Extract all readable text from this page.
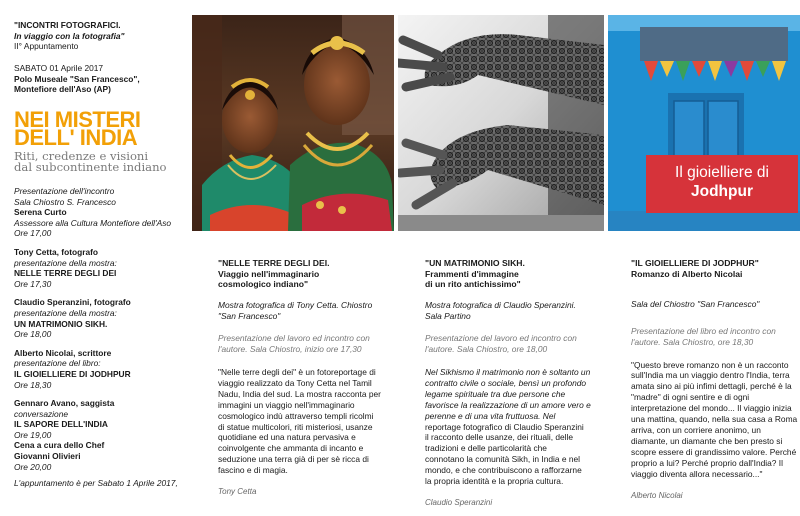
"INCONTRI FOTOGRAFICI.
In viaggio con la fotografia"
II° Appuntamento
SABATO 01 Aprile 2017
Polo Museale "San Francesco",
Montefiore dell'Aso (AP)
NEI MISTERI
DELL' INDIA
Riti, credenze e visioni
dal subcontinente indiano
Presentazione dell'incontro
Sala Chiostro S. Francesco
Serena Curto
Assessore alla Cultura Montefiore dell'Aso
Ore 17,00
Tony Cetta, fotografo
presentazione della mostra:
NELLE TERRE DEGLI DEI
Ore 17,30
Claudio Speranzini, fotografo
presentazione della mostra:
UN MATRIMONIO SIKH.
Ore 18,00
Alberto Nicolai, scrittore
presentazione del libro:
IL GIOIELLIERE DI JODHPUR
Ore 18,30
Gennaro Avano, saggista
conversazione
IL SAPORE DELL'INDIA
Ore 19,00
Cena a cura dello Chef
Giovanni Olivieri
Ore 20,00
L'appuntamento è per Sabato 1 Aprile 2017,
Il gioielliere di
Jodhpur
"NELLE TERRE DEGLI DEI.
Viaggio nell'immaginario
cosmologico indiano"
Mostra fotografica di Tony Cetta. Chiostro
"San Francesco"
Presentazione del lavoro ed incontro con
l'autore. Sala Chiostro, inizio ore 17,30
"Nelle terre degli dei" è un fotoreportage di
viaggio realizzato da Tony Cetta nel Tamil
Nadu, India del sud. La mostra racconta per
immagini un viaggio nell'immaginario
cosmologico indù attraverso templi ricolmi
di statue multicolori, riti misteriosi, usanze
quotidiane ed una natura pervasiva e
coinvolgente che ammanta di incanto e
seduzione una terra già di per sè ricca di
fascino e di magia.
Tony Cetta
"UN MATRIMONIO SIKH.
Frammenti d'immagine
di un rito antichissimo"
Mostra fotografica di Claudio Speranzini.
Sala Partino
Presentazione del lavoro ed incontro con
l'autore. Sala Chiostro, ore 18,00
Nel Sikhismo il matrimonio non è soltanto un
contratto civile o sociale, bensì un profondo
legame spirituale tra due persone che
favorisce la realizzazione di un amore vero e
perenne e di una vita fruttuosa. Nel
reportage fotografico di Claudio Speranzini
il racconto delle usanze, dei rituali, delle
tradizioni e delle particolarità che
connotano la comunità Sikh, in India e nel
mondo, e che contribuiscono a rafforzarne
la propria identità e la propria cultura.
Claudio Speranzini
"IL GIOIELLIERE DI JODPHUR"
Romanzo di Alberto Nicolai
Sala del Chiostro "San Francesco"
Presentazione del libro ed incontro con
l'autore. Sala Chiostro, ore 18,30
"Questo breve romanzo non è un racconto
sull'India ma un viaggio dentro l'India, terra
amata sino ai più infimi dettagli, perché è la
"madre" di ogni sentire e di ogni
interpretazione del mondo... Il viaggio inizia
una mattina, quando, nella sua casa a Roma
arriva, con un corriere anonimo, un
diamante, un diamante che ben presto si
scopre essere di grandissimo valore. Perché
proprio a lui? Perché proprio dall'India? Il
viaggio diventa allora necessario..."
Alberto Nicolai
